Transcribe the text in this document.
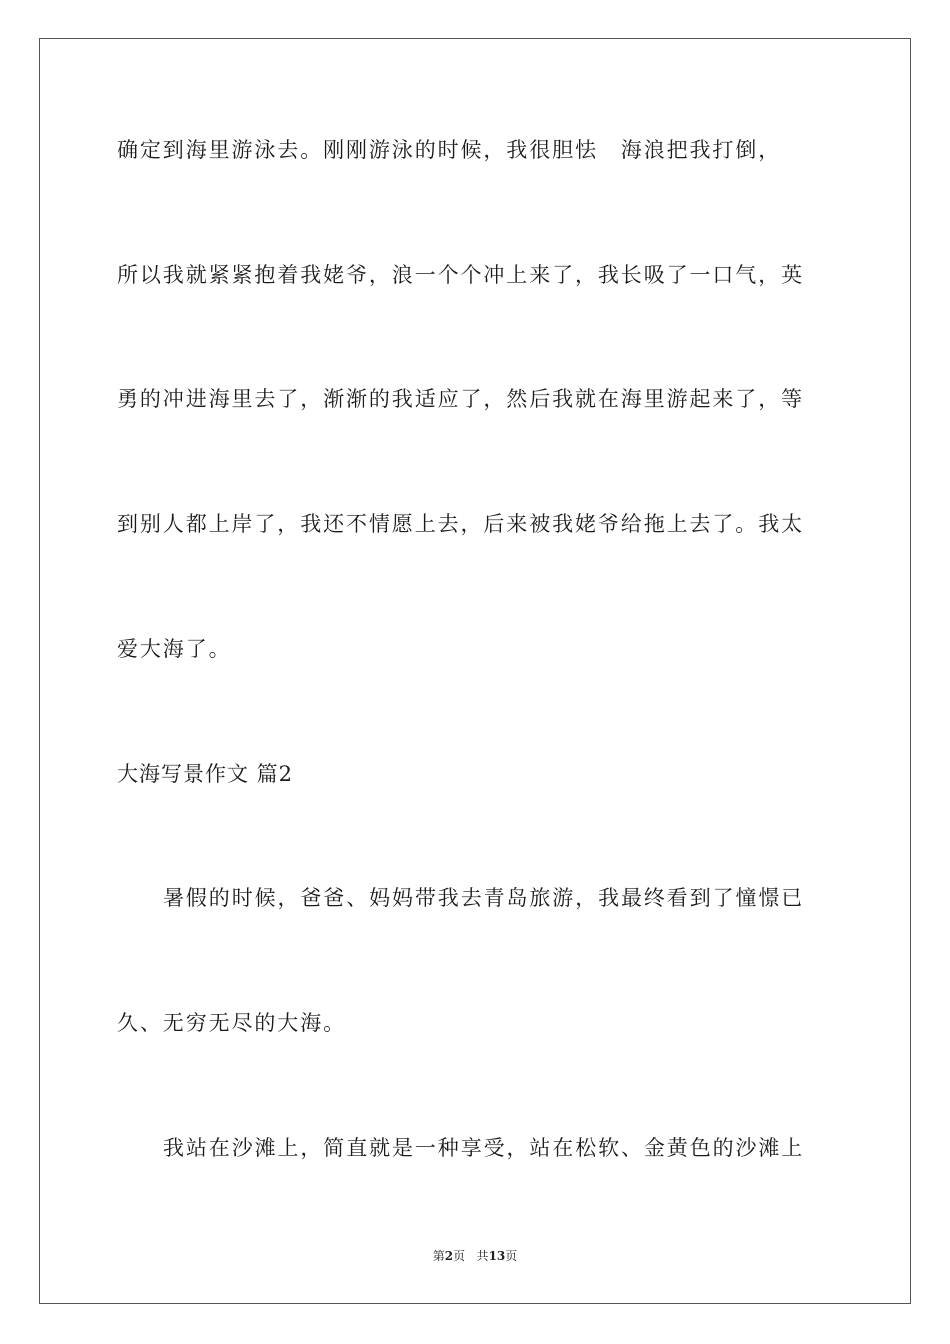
确定到海里游泳去。刚刚游泳的时候，我很胆怯　海浪把我打倒，
所以我就紧紧抱着我姥爷，浪一个个冲上来了，我长吸了一口气，英
勇的冲进海里去了，渐渐的我适应了，然后我就在海里游起来了，等
到别人都上岸了，我还不情愿上去，后来被我姥爷给拖上去了。我太
爱大海了。
大海写景作文 篇2
暑假的时候，爸爸、妈妈带我去青岛旅游，我最终看到了憧憬已
久、无穷无尽的大海。
我站在沙滩上，简直就是一种享受，站在松软、金黄色的沙滩上
第2页 共13页
